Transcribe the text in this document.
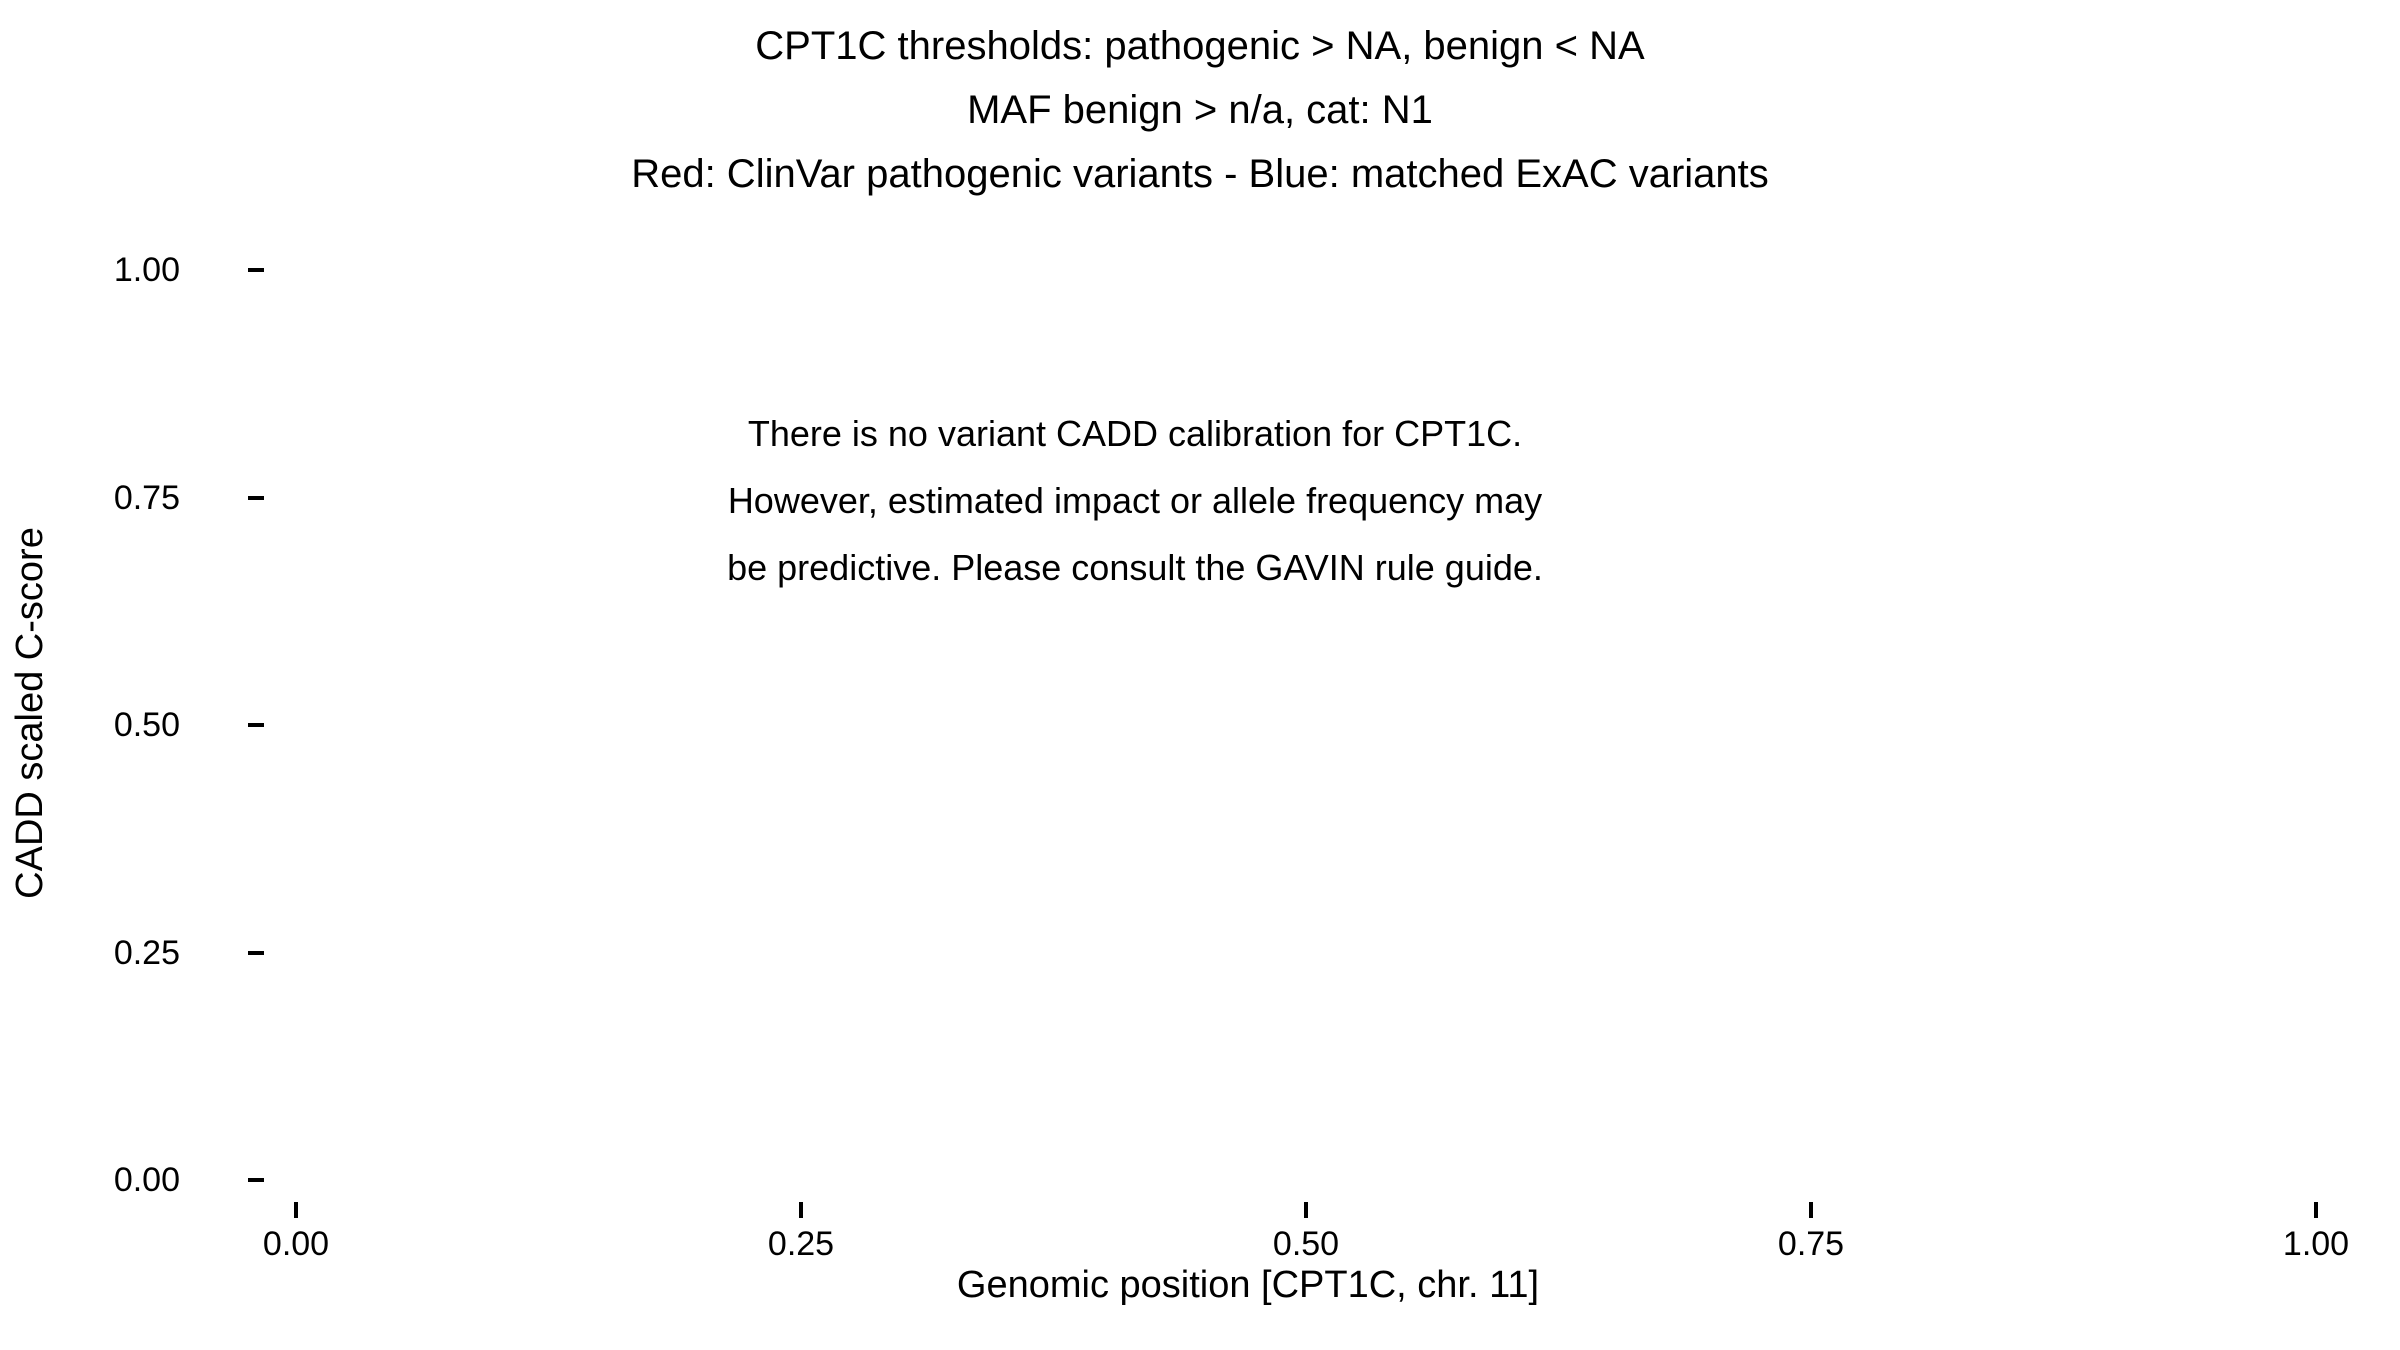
CPT1C thresholds: pathogenic > NA, benign < NA
MAF benign > n/a, cat: N1
Red: ClinVar pathogenic variants - Blue: matched ExAC variants
0.00
0.25
0.50
0.75
1.00
0.00	0.25	0.50	0.75	1.00
There is no variant CADD calibration for CPT1C.
However, estimated impact or allele frequency may
be predictive. Please consult the GAVIN rule guide.
Genomic position [CPT1C, chr. 11]
CADD scaled C-score
